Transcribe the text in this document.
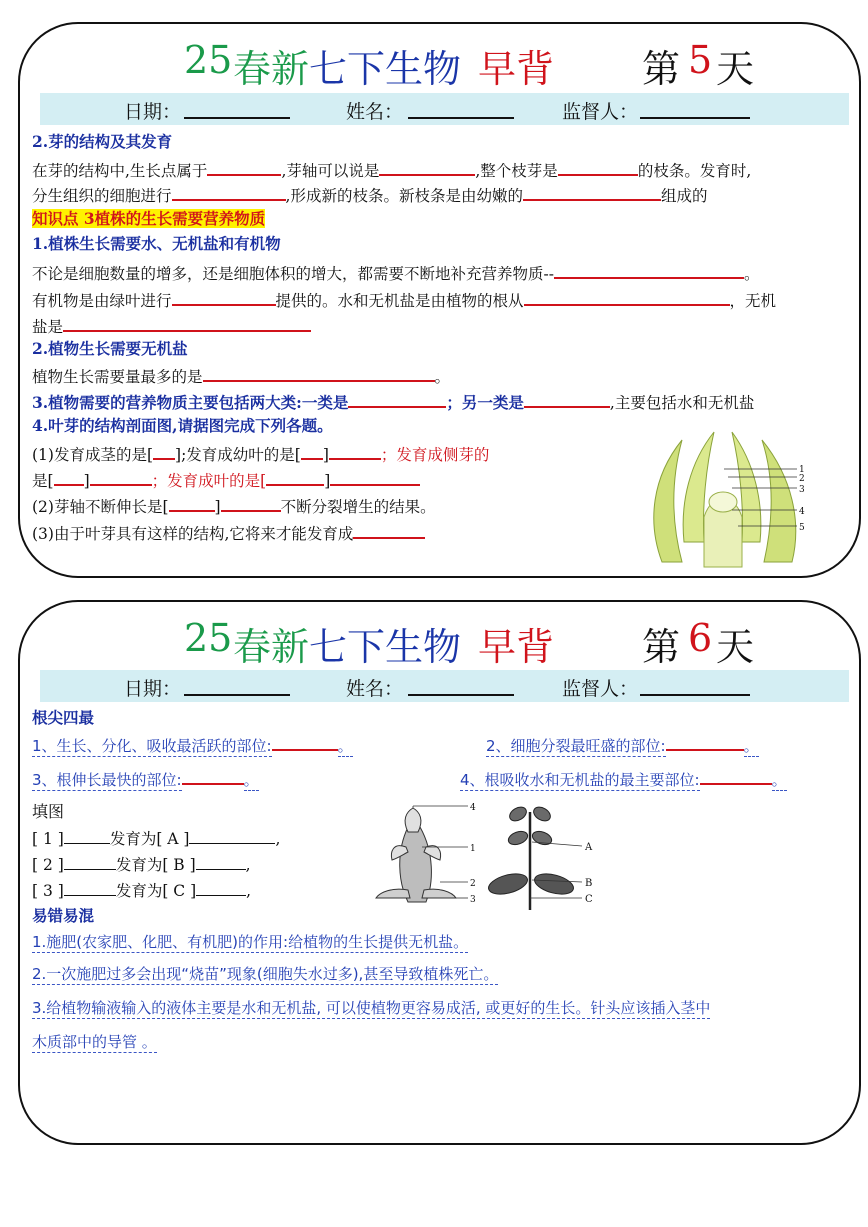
25 春新 七下生物 早背 第 5 天
日期：	姓名：	监督人：
2.芽的结构及其发育
在芽的结构中,生长点属于	,芽轴可以说是	,整个枝芽是	的枝条。发育时,
分生组织的细胞进行	,形成新的枝条。新枝条是由幼嫩的	组成的
知识点 3植株的生长需要营养物质
1.植株生长需要水、无机盐和有机物
不论是细胞数量的增多，还是细胞体积的增大，都需要不断地补充营养物质--	。
有机物是由绿叶进行	提供的。水和无机盐是由植物的根从	，无机
盐是
2.植物生长需要无机盐
植物生长需要量最多的是	。
3.植物需要的营养物质主要包括两大类:一类是	；另一类是	,主要包括水和无机盐
4.叶芽的结构剖面图,请据图完成下列各题。
(1)发育成茎的是[ ];发育成幼叶的是[ ]	；发育成侧芽的
是[ ]	；发育成叶的是[	]
(2)芽轴不断伸长是[	]	不断分裂增生的结果。
(3)由于叶芽具有这样的结构,它将来才能发育成
1
2
3
4
5
25 春新 七下生物 早背 第 6 天
日期：	姓名：	监督人：
根尖四最
1、生长、分化、吸收最活跃的部位:	。	2、细胞分裂最旺盛的部位:	。
3、根伸长最快的部位:	。	4、根吸收水和无机盐的最主要部位:	。
填图
[ 1 ]	发育为[ A ]	,
[ 2 ]	发育为[ B ]	,
[ 3 ]	发育为[ C ]	,
4
1
2
3
A
B
C
易错易混
1.施肥(农家肥、化肥、有机肥)的作用:给植物的生长提供无机盐。
2.一次施肥过多会出现“烧苗”现象(细胞失水过多),甚至导致植株死亡。
3.给植物输液输入的液体主要是水和无机盐, 可以使植物更容易成活, 或更好的生长。针头应该插入茎中
木质部中的导管 。
